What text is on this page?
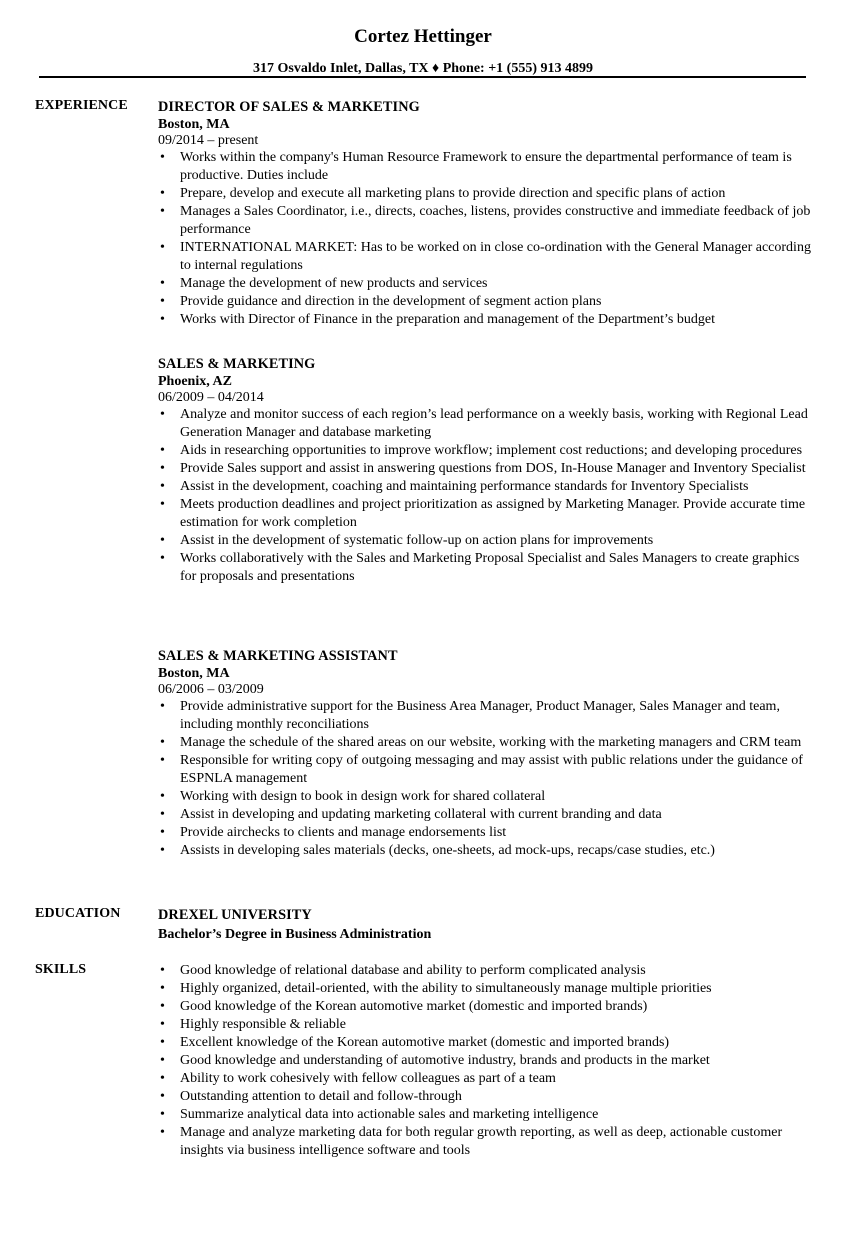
Cortez Hettinger
317 Osvaldo Inlet, Dallas, TX ♦ Phone: +1 (555) 913 4899
EXPERIENCE DIRECTOR OF SALES & MARKETING
Boston, MA
09/2014 – present
• Works within the company's Human Resource Framework to ensure the departmental performance of team is productive. Duties include
• Prepare, develop and execute all marketing plans to provide direction and specific plans of action
• Manages a Sales Coordinator, i.e., directs, coaches, listens, provides constructive and immediate feedback of job performance
• INTERNATIONAL MARKET: Has to be worked on in close co-ordination with the General Manager according to internal regulations
• Manage the development of new products and services
• Provide guidance and direction in the development of segment action plans
• Works with Director of Finance in the preparation and management of the Department’s budget
SALES & MARKETING
Phoenix, AZ
06/2009 – 04/2014
• Analyze and monitor success of each region’s lead performance on a weekly basis, working with Regional Lead Generation Manager and database marketing
• Aids in researching opportunities to improve workflow; implement cost reductions; and developing procedures
• Provide Sales support and assist in answering questions from DOS, In-House Manager and Inventory Specialist
• Assist in the development, coaching and maintaining performance standards for Inventory Specialists
• Meets production deadlines and project prioritization as assigned by Marketing Manager. Provide accurate time estimation for work completion
• Assist in the development of systematic follow-up on action plans for improvements
• Works collaboratively with the Sales and Marketing Proposal Specialist and Sales Managers to create graphics for proposals and presentations
SALES & MARKETING ASSISTANT
Boston, MA
06/2006 – 03/2009
• Provide administrative support for the Business Area Manager, Product Manager, Sales Manager and team, including monthly reconciliations
• Manage the schedule of the shared areas on our website, working with the marketing managers and CRM team
• Responsible for writing copy of outgoing messaging and may assist with public relations under the guidance of ESPNLA management
• Working with design to book in design work for shared collateral
• Assist in developing and updating marketing collateral with current branding and data
• Provide airchecks to clients and manage endorsements list
• Assists in developing sales materials (decks, one-sheets, ad mock-ups, recaps/case studies, etc.)
EDUCATION	DREXEL UNIVERSITY
Bachelor’s Degree in Business Administration
SKILLS
•	Good knowledge of relational database and ability to perform complicated analysis
• Highly organized, detail-oriented, with the ability to simultaneously manage multiple priorities
• Good knowledge of the Korean automotive market (domestic and imported brands)
• Highly responsible & reliable
• Excellent knowledge of the Korean automotive market (domestic and imported brands)
• Good knowledge and understanding of automotive industry, brands and products in the market
• Ability to work cohesively with fellow colleagues as part of a team
• Outstanding attention to detail and follow-through
• Summarize analytical data into actionable sales and marketing intelligence
• Manage and analyze marketing data for both regular growth reporting, as well as deep, actionable customer insights via business intelligence software and tools
